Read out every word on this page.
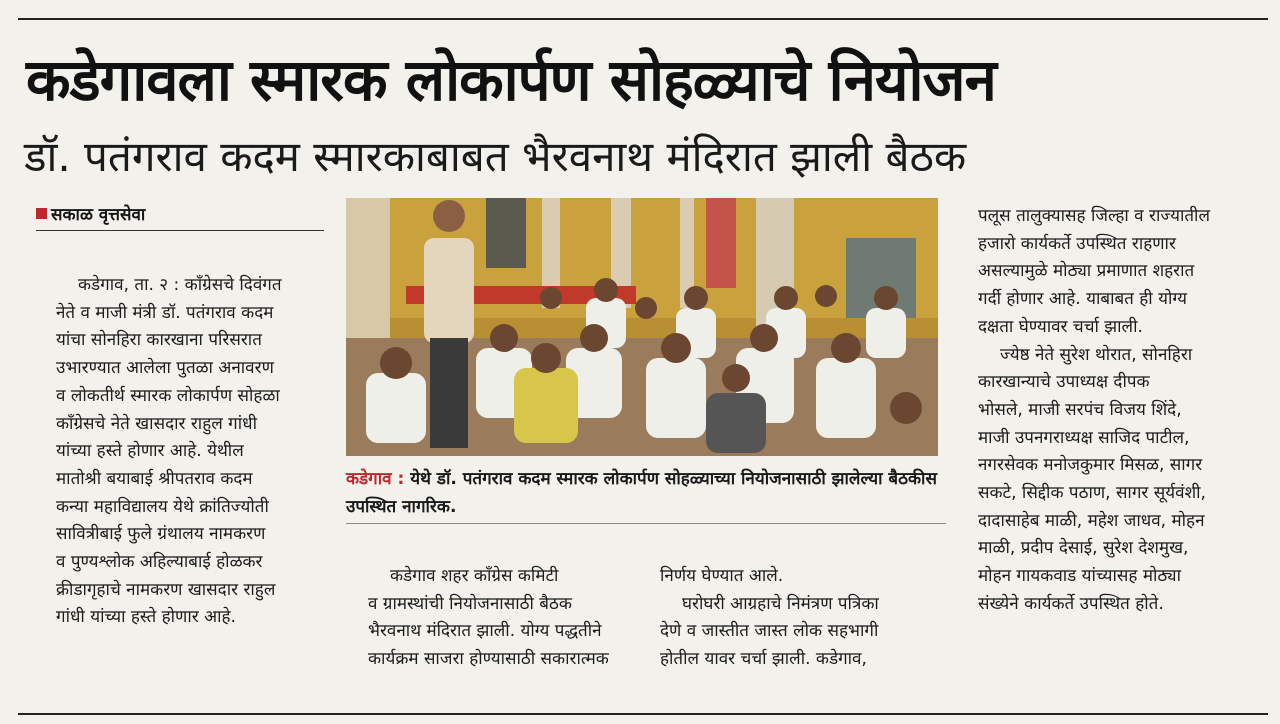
कडेगावला स्मारक लोकार्पण सोहळ्याचे नियोजन
डॉ. पतंगराव कदम स्मारकाबाबत भैरवनाथ मंदिरात झाली बैठक
सकाळ वृत्तसेवा
कडेगाव, ता. २ : काँग्रेसचे दिवंगत
नेते व माजी मंत्री डॉ. पतंगराव कदम
यांचा सोनहिरा कारखाना परिसरात
उभारण्यात आलेला पुतळा अनावरण
व लोकतीर्थ स्मारक लोकार्पण सोहळा
काँग्रेसचे नेते खासदार राहुल गांधी
यांच्या हस्ते होणार आहे. येथील
मातोश्री बयाबाई श्रीपतराव कदम
कन्या महाविद्यालय येथे क्रांतिज्योती
सावित्रीबाई फुले ग्रंथालय नामकरण
व पुण्यश्लोक अहिल्याबाई होळकर
क्रीडागृहाचे नामकरण खासदार राहुल
गांधी यांच्या हस्ते होणार आहे.
कडेगाव : येथे डॉ. पतंगराव कदम स्मारक लोकार्पण सोहळ्याच्या नियोजनासाठी झालेल्या बैठकीस उपस्थित नागरिक.
कडेगाव शहर काँग्रेस कमिटी
व ग्रामस्थांची नियोजनासाठी बैठक
भैरवनाथ मंदिरात झाली. योग्य पद्धतीने
कार्यक्रम साजरा होण्यासाठी सकारात्मक
निर्णय घेण्यात आले.
घरोघरी आग्रहाचे निमंत्रण पत्रिका
देणे व जास्तीत जास्त लोक सहभागी
होतील यावर चर्चा झाली. कडेगाव,
पलूस तालुक्यासह जिल्हा व राज्यातील
हजारो कार्यकर्ते उपस्थित राहणार
असल्यामुळे मोठ्या प्रमाणात शहरात
गर्दी होणार आहे. याबाबत ही योग्य
दक्षता घेण्यावर चर्चा झाली.
ज्येष्ठ नेते सुरेश थोरात, सोनहिरा
कारखान्याचे उपाध्यक्ष दीपक
भोसले, माजी सरपंच विजय शिंदे,
माजी उपनगराध्यक्ष साजिद पाटील,
नगरसेवक मनोजकुमार मिसळ, सागर
सकटे, सिद्दीक पठाण, सागर सूर्यवंशी,
दादासाहेब माळी, महेश जाधव, मोहन
माळी, प्रदीप देसाई, सुरेश देशमुख,
मोहन गायकवाड यांच्यासह मोठ्या
संख्येने कार्यकर्ते उपस्थित होते.
